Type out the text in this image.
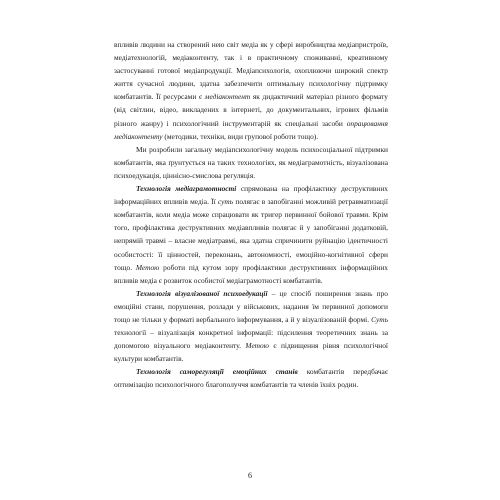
впливів людини на створений нею світ медіа як у сфері виробництва медіапристроїв, медіатехнологій, медіаконтенту, так і в практичному споживанні, креативному застосуванні готової медіапродукції. Медіапсихологія, охоплюючи широкий спектр життя сучасної людини, здатна забезпечити оптимальну психологічну підтримку комбатантів. Її ресурсами є медіаконтент як дидактичний матеріал різного формату (від світлин, відео, викладених в інтернеті, до документальних, ігрових фільмів різного жанру) і психологічний інструментарій як спеціальні засоби опрацювання медіаконтенту (методики, техніки, види групової роботи тощо).

Ми розробили загальну медіапсихологічну модель психосоціальної підтримки комбатантів, яка ґрунтується на таких технологіях, як медіаграмотність, візуалізована психоедукація, ціннісно-смислова регуляція.

Технологія медіаграмотності спрямована на профілактику деструктивних інформаційних впливів медіа. Її суть полягає в запобіганні можливій ретравматизації комбатантів, коли медіа може спрацювати як тригер первинної бойової травми. Крім того, профілактика деструктивних медіавпливів полягає й у запобіганні додатковій, непрямій травмі – власне медіатравмі, яка здатна спричинити руйнацію ідентичності особистості: її цінностей, переконань, автономності, емоційно-когнітивної сфери тощо. Метою роботи під кутом зору профілактики деструктивних інформаційних впливів медіа є розвиток особистої медіаграмотності комбатантів.

Технологія візуалізованої психоедукації – це спосіб поширення знань про емоційні стани, порушення, розлади у військових, надання їм первинної допомоги тощо не тільки у форматі вербального інформування, а й у візуалізованій формі. Суть технології – візуалізація конкретної інформації: підсилення теоретичних знань за допомогою візуального медіаконтенту. Метою є підвищення рівня психологічної культури комбатантів.

Технологія саморегуляції емоційних станів комбатантів передбачає оптимізацію психологічного благополуччя комбатантів та членів їхніх родин.

6
